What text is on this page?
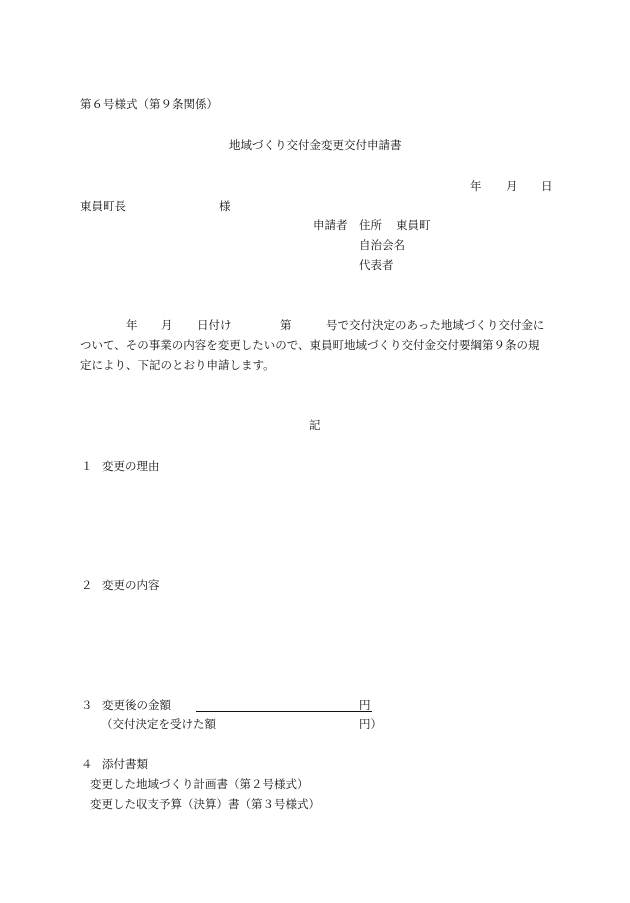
第６号様式（第９条関係）
地域づくり交付金変更交付申請書
年 月 日
東員町長	様
申請者 住所 東員町
自治会名
代表者
年 月 日付け	第	号で交付決定のあった地域づくり交付金に
ついて、その事業の内容を変更したいので、東員町地域づくり交付金交付要綱第９条の規
定により、下記のとおり申請します。
記
１ 変更の理由
２ 変更の内容
３ 変更後の金額	円
（交付決定を受けた額	円）
４ 添付書類
変更した地域づくり計画書（第２号様式）
変更した収支予算（決算）書（第３号様式）
